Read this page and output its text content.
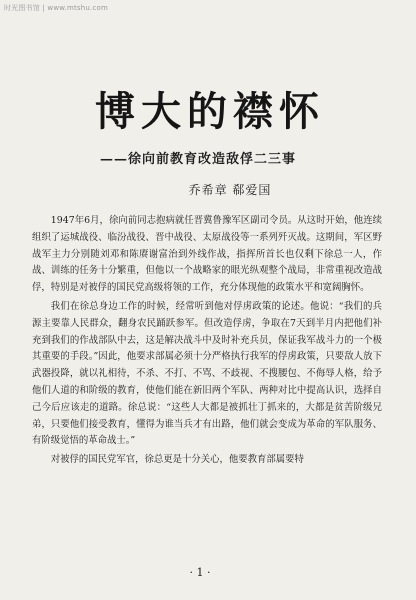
时光图书馆 | www.mtshu.com
博大的襟怀
——徐向前教育改造敌俘二三事
乔希章 郗爱国

1947年6月，徐向前同志抱病就任晋冀鲁豫军区副司令员。从这时开始，他连续组织了运城战役、临汾战役、晋中战役、太原战役等一系列歼灭战。这期间，军区野战军主力分别随刘邓和陈赓谢富治到外线作战，指挥所首长也仅剩下徐总一人，作战、训练的任务十分繁重，但他以一个战略家的眼光纵观整个战局，非常重视改造战俘，特别是对被俘的国民党高级将领的工作，充分体现他的政策水平和宽阔胸怀。

我们在徐总身边工作的时候，经常听到他对俘虏政策的论述。他说：“我们的兵源主要靠人民群众，翻身农民踊跃参军。但改造俘虏，争取在7天到半月内把他们补充到我们的作战部队中去，这是解决战斗中及时补充兵员，保证我军战斗力的一个极其重要的手段。”因此，他要求部属必须十分严格执行我军的俘虏政策，只要敌人放下武器投降，就以礼相待，不杀、不打、不骂、不歧视、不搜腰包、不侮辱人格，给予他们人道的和阶级的教育，使他们能在新旧两个军队、两种对比中提高认识，选择自己今后应该走的道路。徐总说：“这些人大都是被抓壮丁抓来的，大都是贫苦阶级兄弟，只要他们接受教育，懂得为谁当兵才有出路，他们就会变成为革命的军队服务、有阶级觉悟的革命战士。”

对被俘的国民党军官，徐总更是十分关心，他要教育部属要特

· 1 ·
